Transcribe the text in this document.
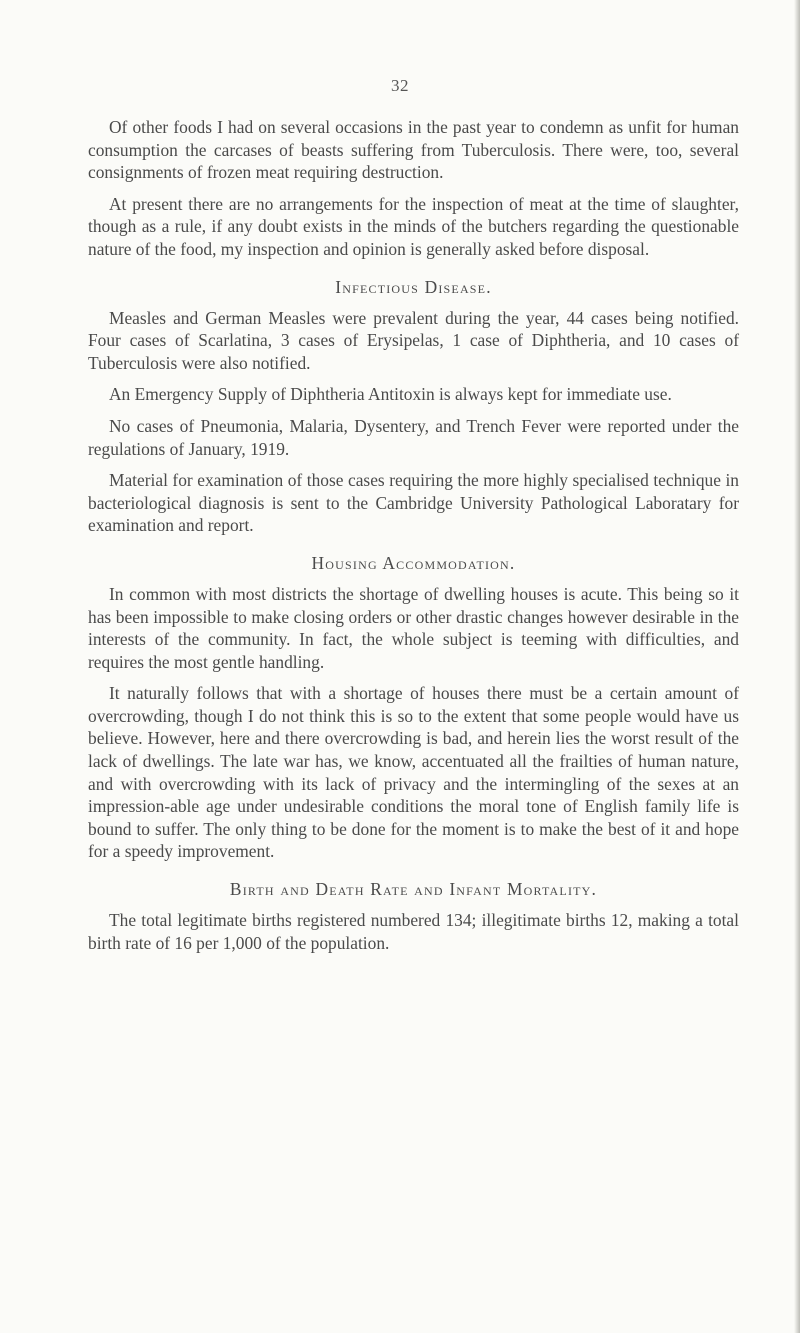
32

Of other foods I had on several occasions in the past year to condemn as unfit for human consumption the carcases of beasts suffering from Tuberculosis. There were, too, several consignments of frozen meat requiring destruction.

At present there are no arrangements for the inspection of meat at the time of slaughter, though as a rule, if any doubt exists in the minds of the butchers regarding the questionable nature of the food, my inspection and opinion is generally asked before disposal.

Infectious Disease.

Measles and German Measles were prevalent during the year, 44 cases being notified. Four cases of Scarlatina, 3 cases of Erysipelas, 1 case of Diphtheria, and 10 cases of Tuberculosis were also notified.

An Emergency Supply of Diphtheria Antitoxin is always kept for immediate use.

No cases of Pneumonia, Malaria, Dysentery, and Trench Fever were reported under the regulations of January, 1919.

Material for examination of those cases requiring the more highly specialised technique in bacteriological diagnosis is sent to the Cambridge University Pathological Laboratary for examination and report.

Housing Accommodation.

In common with most districts the shortage of dwelling houses is acute. This being so it has been impossible to make closing orders or other drastic changes however desirable in the interests of the community. In fact, the whole subject is teeming with difficulties, and requires the most gentle handling.

It naturally follows that with a shortage of houses there must be a certain amount of overcrowding, though I do not think this is so to the extent that some people would have us believe. However, here and there overcrowding is bad, and herein lies the worst result of the lack of dwellings. The late war has, we know, accentuated all the frailties of human nature, and with overcrowding with its lack of privacy and the intermingling of the sexes at an impression-able age under undesirable conditions the moral tone of English family life is bound to suffer. The only thing to be done for the moment is to make the best of it and hope for a speedy improvement.

Birth and Death Rate and Infant Mortality.

The total legitimate births registered numbered 134; illegitimate births 12, making a total birth rate of 16 per 1,000 of the population.
